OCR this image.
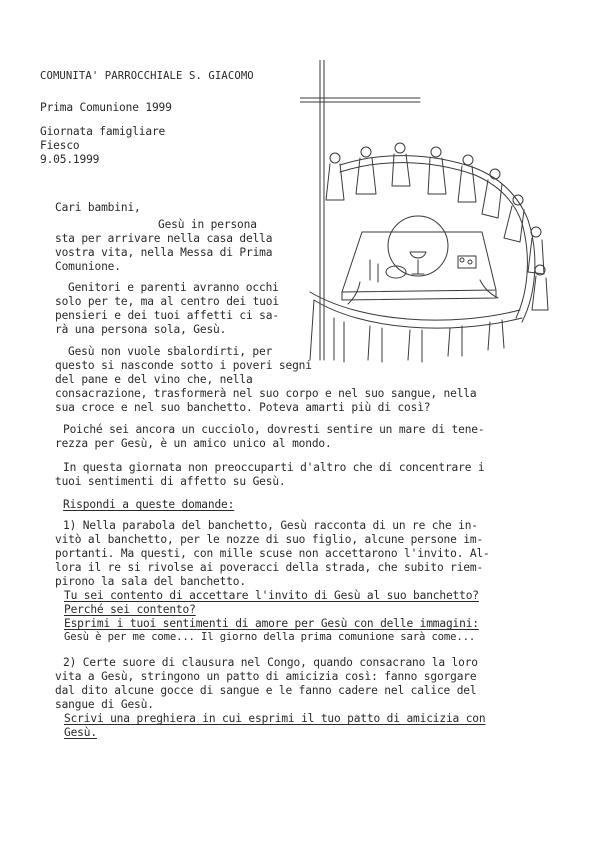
COMUNITA' PARROCCHIALE S. GIACOMO
Prima Comunione 1999
Giornata famigliare
Fiesco
9.05.1999
Cari bambini,
Gesù in persona
sta per arrivare nella casa della
vostra vita, nella Messa di Prima
Comunione.
Genitori e parenti avranno occhi
solo per te, ma al centro dei tuoi
pensieri e dei tuoi affetti ci sa-
rà una persona sola, Gesù.
Gesù non vuole sbalordirti, per
questo si nasconde sotto i poveri segni
del pane e del vino che, nella
consacrazione, trasformerà nel suo corpo e nel suo sangue, nella
sua croce e nel suo banchetto. Poteva amarti più di così?
Poiché sei ancora un cucciolo, dovresti sentire un mare di tene-
rezza per Gesù, è un amico unico al mondo.
In questa giornata non preoccuparti d'altro che di concentrare i
tuoi sentimenti di affetto su Gesù.
Rispondi a queste domande:
1) Nella parabola del banchetto, Gesù racconta di un re che in-
vitò al banchetto, per le nozze di suo figlio, alcune persone im-
portanti. Ma questi, con mille scuse non accettarono l'invito. Al-
lora il re si rivolse ai poveracci della strada, che subito riem-
pirono la sala del banchetto.
Tu sei contento di accettare l'invito di Gesù al suo banchetto?
Perché sei contento?
Esprimi i tuoi sentimenti di amore per Gesù con delle immagini:
Gesù è per me come... Il giorno della prima comunione sarà come...
2) Certe suore di clausura nel Congo, quando consacrano la loro
vita a Gesù, stringono un patto di amicizia così: fanno sgorgare
dal dito alcune gocce di sangue e le fanno cadere nel calice del
sangue di Gesù.
Scrivi una preghiera in cui esprimi il tuo patto di amicizia con
Gesù.
